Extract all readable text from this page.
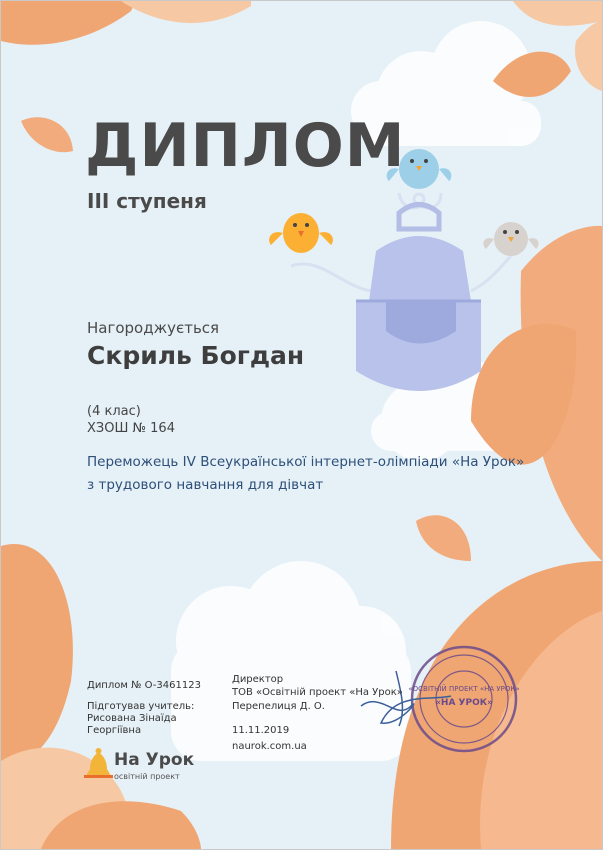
«ОСВІТНІЙ ПРОЕКТ «НА УРОК»
«НА УРОК»
ДИПЛОМ
ІІІ ступеня
Нагороджується
Скриль Богдан
(4 клас)
ХЗОШ № 164
Переможець IV Всеукраїнської інтернет-олімпіади «На Урок»
з трудового навчання для дівчат
Диплом № O-3461123
Підготував учитель:
Рисована Зінаїда
Георгіївна
Директор
ТОВ «Освітній проект «На Урок»
Перепелиця Д. О.
11.11.2019
naurok.com.ua
На Урок
освітній проект
